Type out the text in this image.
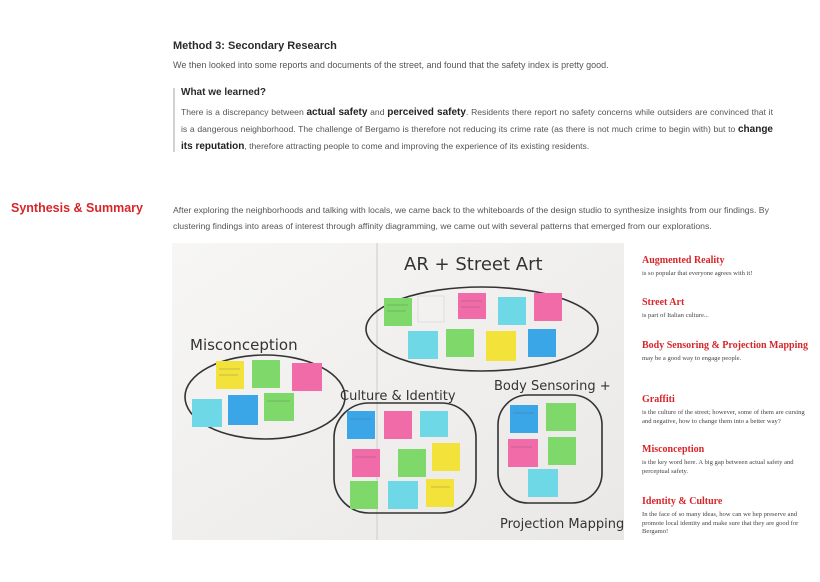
Method 3: Secondary Research
We then looked into some reports and documents of the street, and found that the safety index is pretty good.
What we learned?
There is a discrepancy between actual safety and perceived safety. Residents there report no safety concerns while outsiders are convinced that it is a dangerous neighborhood. The challenge of Bergamo is therefore not reducing its crime rate (as there is not much crime to begin with) but to change its reputation, therefore attracting people to come and improving the experience of its existing residents.
Synthesis & Summary	After exploring the neighborhoods and talking with locals, we came back to the whiteboards of the design studio to synthesize insights from our findings. By clustering findings into areas of interest through affinity diagramming, we came out with several patterns that emerged from our explorations.
AR + Street Art
Misconception
Culture & Identity
Body Sensoring +
Projection Mapping
Augmented Reality
is so popular that everyone agrees with it!
Street Art
is part of Italian culture...
Body Sensoring & Projection Mapping
may be a good way to engage people.
Graffiti
is the culture of the street; however, some of them are cursing and negative, how to change them into a better way?
Misconception
is the key word here. A big gap between actual safety and perceptual safety.
Identity & Culture
In the face of so many ideas, how can we hep preserve and promote local identity and make sure that they are good for Bergamo!
